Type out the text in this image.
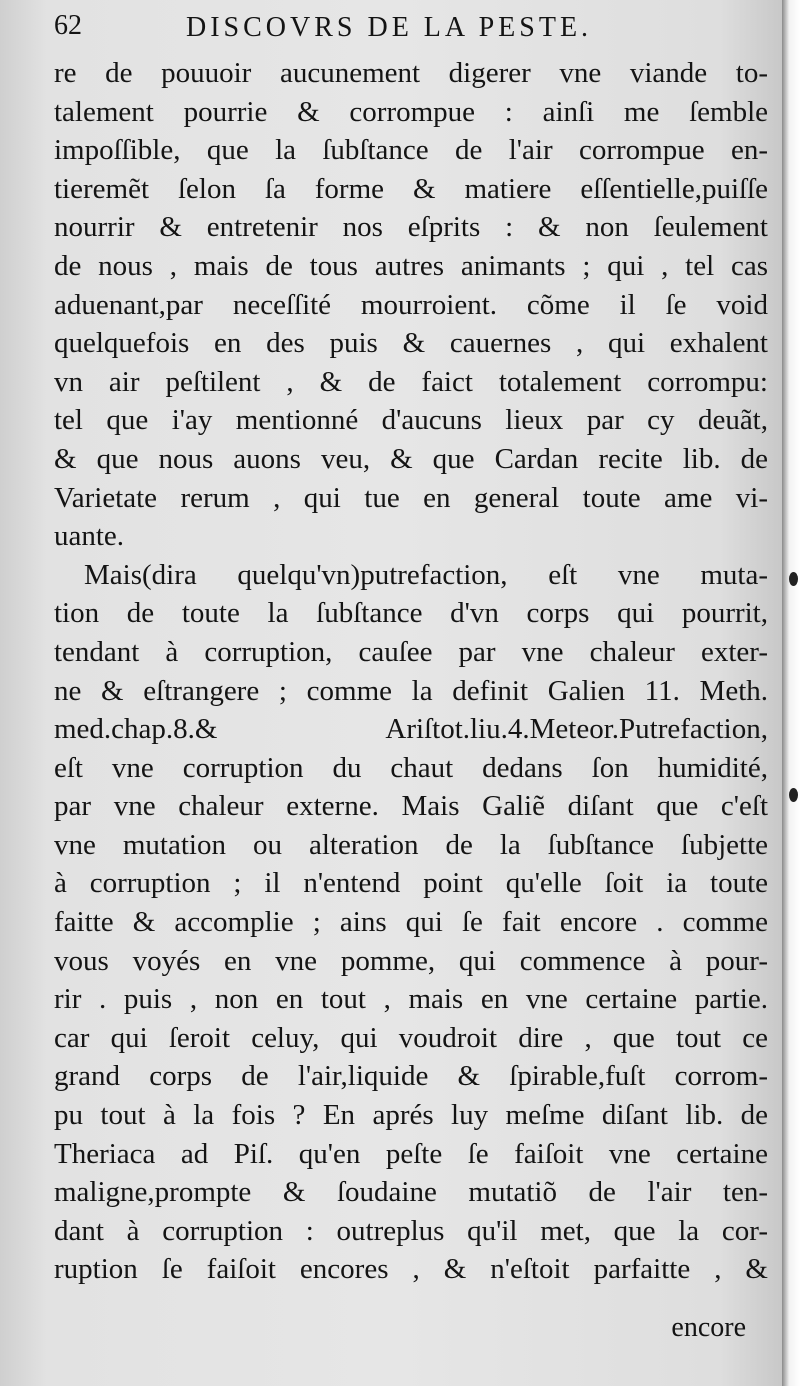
62	DISCOVRS DE LA PESTE.
re de pouuoir aucunement digerer vne viande to-
talement pourrie & corrompue : ainſi me ſemble
impoſſible, que la ſubſtance de l'air corrompue en-
tieremẽt ſelon ſa forme & matiere eſſentielle,puiſſe
nourrir & entretenir nos eſprits : & non ſeulement
de nous , mais de tous autres animants ; qui , tel cas
aduenant,par neceſſité mourroient. cõme il ſe void
quelquefois en des puis & cauernes , qui exhalent
vn air peſtilent , & de faict totalement corrompu:
tel que i'ay mentionné d'aucuns lieux par cy deuãt,
& que nous auons veu, & que Cardan recite lib. de
Varietate rerum , qui tue en general toute ame vi-
uante.
Mais(dira quelqu'vn)putrefaction, eſt vne muta-
tion de toute la ſubſtance d'vn corps qui pourrit,
tendant à corruption, cauſee par vne chaleur exter-
ne & eſtrangere ; comme la definit Galien 11. Meth.
med.chap.8.& Ariſtot.liu.4.Meteor.Putrefaction,
eſt vne corruption du chaut dedans ſon humidité,
par vne chaleur externe. Mais Galiẽ diſant que c'eſt
vne mutation ou alteration de la ſubſtance ſubjette
à corruption ; il n'entend point qu'elle ſoit ia toute
faitte & accomplie ; ains qui ſe fait encore . comme
vous voyés en vne pomme, qui commence à pour-
rir . puis , non en tout , mais en vne certaine partie.
car qui ſeroit celuy, qui voudroit dire , que tout ce
grand corps de l'air,liquide & ſpirable,fuſt corrom-
pu tout à la fois ? En aprés luy meſme diſant lib. de
Theriaca ad Piſ. qu'en peſte ſe faiſoit vne certaine
maligne,prompte & ſoudaine mutatiõ de l'air ten-
dant à corruption : outreplus qu'il met, que la cor-
ruption ſe faiſoit encores , & n'eſtoit parfaitte , &
encore
